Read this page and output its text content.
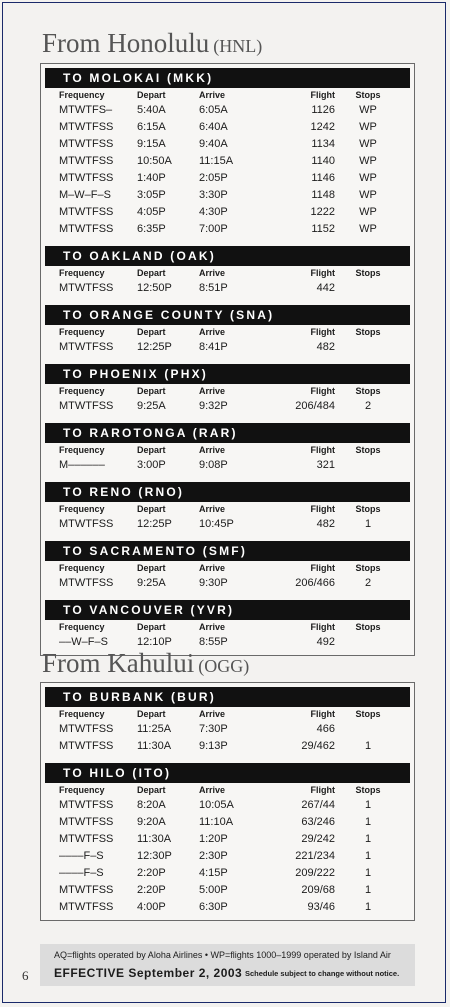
From Honolulu (HNL)
TO MOLOKAI (MKK)
Frequency	Depart	Arrive	Flight	Stops
MTWTFS–	5:40A	6:05A	1126	WP
MTWTFSS	6:15A	6:40A	1242	WP
MTWTFSS	9:15A	9:40A	1134	WP
MTWTFSS	10:50A	11:15A	1140	WP
MTWTFSS	1:40P	2:05P	1146	WP
M–W–F–S	3:05P	3:30P	1148	WP
MTWTFSS	4:05P	4:30P	1222	WP
MTWTFSS	6:35P	7:00P	1152	WP
TO OAKLAND (OAK)
Frequency	Depart	Arrive	Flight	Stops
MTWTFSS	12:50P	8:51P	442
TO ORANGE COUNTY (SNA)
Frequency	Depart	Arrive	Flight	Stops
MTWTFSS	12:25P	8:41P	482
TO PHOENIX (PHX)
Frequency	Depart	Arrive	Flight	Stops
MTWTFSS	9:25A	9:32P	206/484	2
TO RAROTONGA (RAR)
Frequency	Depart	Arrive	Flight	Stops
M––––––	3:00P	9:08P	321
TO RENO (RNO)
Frequency	Depart	Arrive	Flight	Stops
MTWTFSS	12:25P	10:45P	482	1
TO SACRAMENTO (SMF)
Frequency	Depart	Arrive	Flight	Stops
MTWTFSS	9:25A	9:30P	206/466	2
TO VANCOUVER (YVR)
Frequency	Depart	Arrive	Flight	Stops
––W–F–S	12:10P	8:55P	492
From Kahului (OGG)
TO BURBANK (BUR)
Frequency	Depart	Arrive	Flight	Stops
MTWTFSS	11:25A	7:30P	466
MTWTFSS	11:30A	9:13P	29/462	1
TO HILO (ITO)
Frequency	Depart	Arrive	Flight	Stops
MTWTFSS	8:20A	10:05A	267/44	1
MTWTFSS	9:20A	11:10A	63/246	1
MTWTFSS	11:30A	1:20P	29/242	1
––––F–S	12:30P	2:30P	221/234	1
––––F–S	2:20P	4:15P	209/222	1
MTWTFSS	2:20P	5:00P	209/68	1
MTWTFSS	4:00P	6:30P	93/46	1
AQ=flights operated by Aloha Airlines • WP=flights 1000–1999 operated by Island Air
EFFECTIVE September 2, 2003 Schedule subject to change without notice.
6
